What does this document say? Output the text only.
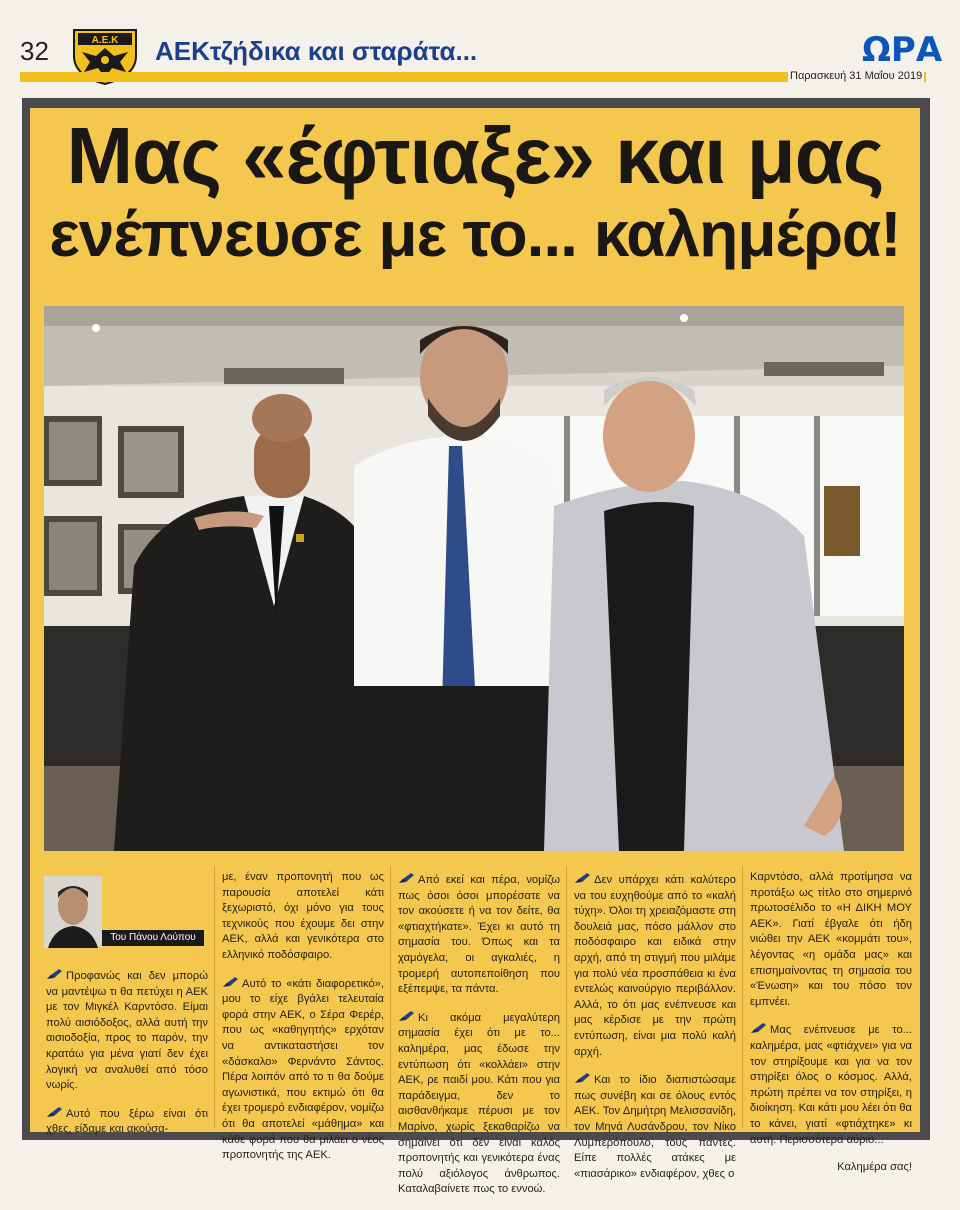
32	Α.Ε.Κ ΑΕΚτζήδικα και σταράτα...	ΩΡΑ
Παρασκευή 31 Μαΐου 2019
Μας «έφτιαξε» και μας
ενέπνευσε με το... καλημέρα!
Του Πάνου Λούπου

Προφανώς και δεν μπορώ να μαντέψω τι θα πετύχει η ΑΕΚ με τον Μιγκέλ Καρντόσο. Είμαι πολύ αισιόδοξος, αλλά αυτή την αισιοδοξία, προς το παρόν, την κρατάω για μένα γιατί δεν έχει λογική να αναλυθεί από τόσο νωρίς.

Αυτό που ξέρω είναι ότι χθες, είδαμε και ακούσα-

με, έναν προπονητή που ως παρουσία αποτελεί κάτι ξεχωριστό, όχι μόνο για τους τεχνικούς που έχουμε δει στην ΑΕΚ, αλλά και γενικότερα στο ελληνικό ποδόσφαιρο.

Αυτό το «κάτι διαφορετικό», μου το είχε βγάλει τελευταία φορά στην ΑΕΚ, ο Σέρα Φερέρ, που ως «καθηγητής» ερχόταν να αντικαταστήσει τον «δάσκαλο» Φερνάντο Σάντος. Πέρα λοιπόν από το τι θα δούμε αγωνιστικά, που εκτιμώ ότι θα έχει τρομερό ενδιαφέρον, νομίζω ότι θα αποτελεί «μάθημα» και κάθε φορά που θα μιλάει ο νέος προπονητής της ΑΕΚ.

Από εκεί και πέρα, νομίζω πως όσοι όσοι μπορέσατε να τον ακούσετε ή να τον δείτε, θα «φτιαχτήκατε». Έχει κι αυτό τη σημασία του. Όπως και τα χαμόγελα, οι αγκαλιές, η τρομερή αυτοπεποίθηση που εξέπεμψε, τα πάντα.

Κι ακόμα μεγαλύτερη σημασία έχει ότι με το... καλημέρα, μας έδωσε την εντύπωση ότι «κολλάει» στην ΑΕΚ, ρε παιδί μου. Κάτι που για παράδειγμα, δεν το αισθανθήκαμε πέρυσι με τον Μαρίνο, χωρίς ξεκαθαρίζω να σημαίνει ότι δεν είναι καλός προπονητής και γενικότερα ένας πολύ αξιόλογος άνθρωπος. Καταλαβαίνετε πως το εννοώ.

Δεν υπάρχει κάτι καλύτερο να του ευχηθούμε από το «καλή τύχη». Όλοι τη χρειαζόμαστε στη δουλειά μας, πόσο μάλλον στο ποδόσφαιρο και ειδικά στην αρχή, από τη στιγμή που μιλάμε για πολύ νέα προσπάθεια κι ένα εντελώς καινούργιο περιβάλλον. Αλλά, το ότι μας ενέπνευσε και μας κέρδισε με την πρώτη εντύπωση, είναι μια πολύ καλή αρχή.

Και το ίδιο διαπιστώσαμε πως συνέβη και σε όλους εντός ΑΕΚ. Τον Δημήτρη Μελισσανίδη, τον Μηνά Λυσάνδρου, τον Νίκο Λυμπερόπουλο, τους πάντες. Είπε πολλές ατάκες με «πιασάρικο» ενδιαφέρον, χθες ο

Καρντόσο, αλλά προτίμησα να προτάξω ως τίτλο στο σημερινό πρωτοσέλιδο το «Η ΔΙΚΗ ΜΟΥ ΑΕΚ». Γιατί έβγαλε ότι ήδη νιώθει την ΑΕΚ «κομμάτι του», λέγοντας «η ομάδα μας» και επισημαίνοντας τη σημασία του «Ένωση» και του πόσο τον εμπνέει.

Μας ενέπνευσε με το... καλημέρα, μας «φτιάχνει» για να τον στηρίξουμε και για να τον στηρίξει όλος ο κόσμος. Αλλά, πρώτη πρέπει να τον στηρίξει, η διοίκηση. Και κάτι μου λέει ότι θα το κάνει, γιατί «φτιάχτηκε» κι αυτή. Περισσότερα αύριο...

Καλημέρα σας!
